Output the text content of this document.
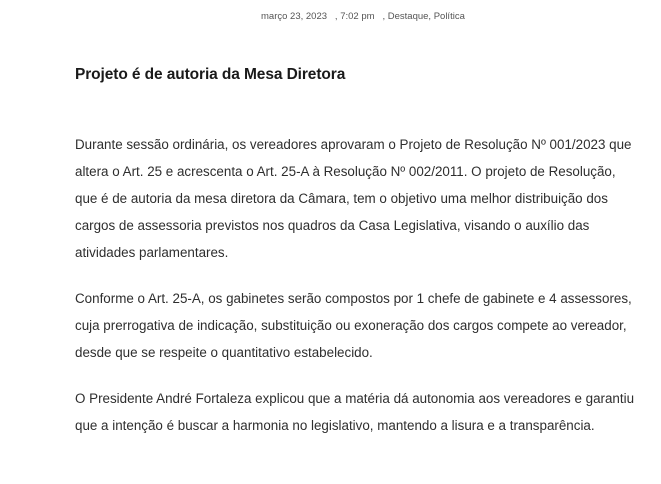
março 23, 2023   , 7:02 pm   , Destaque, Política
Projeto é de autoria da Mesa Diretora

Durante sessão ordinária, os vereadores aprovaram o Projeto de Resolução Nº 001/2023 que altera o Art. 25 e acrescenta o Art. 25-A à Resolução Nº 002/2011. O projeto de Resolução, que é de autoria da mesa diretora da Câmara, tem o objetivo uma melhor distribuição dos cargos de assessoria previstos nos quadros da Casa Legislativa, visando o auxílio das atividades parlamentares.

Conforme o Art. 25-A, os gabinetes serão compostos por 1 chefe de gabinete e 4 assessores, cuja prerrogativa de indicação, substituição ou exoneração dos cargos compete ao vereador, desde que se respeite o quantitativo estabelecido.

O Presidente André Fortaleza explicou que a matéria dá autonomia aos vereadores e garantiu que a intenção é buscar a harmonia no legislativo, mantendo a lisura e a transparência.
